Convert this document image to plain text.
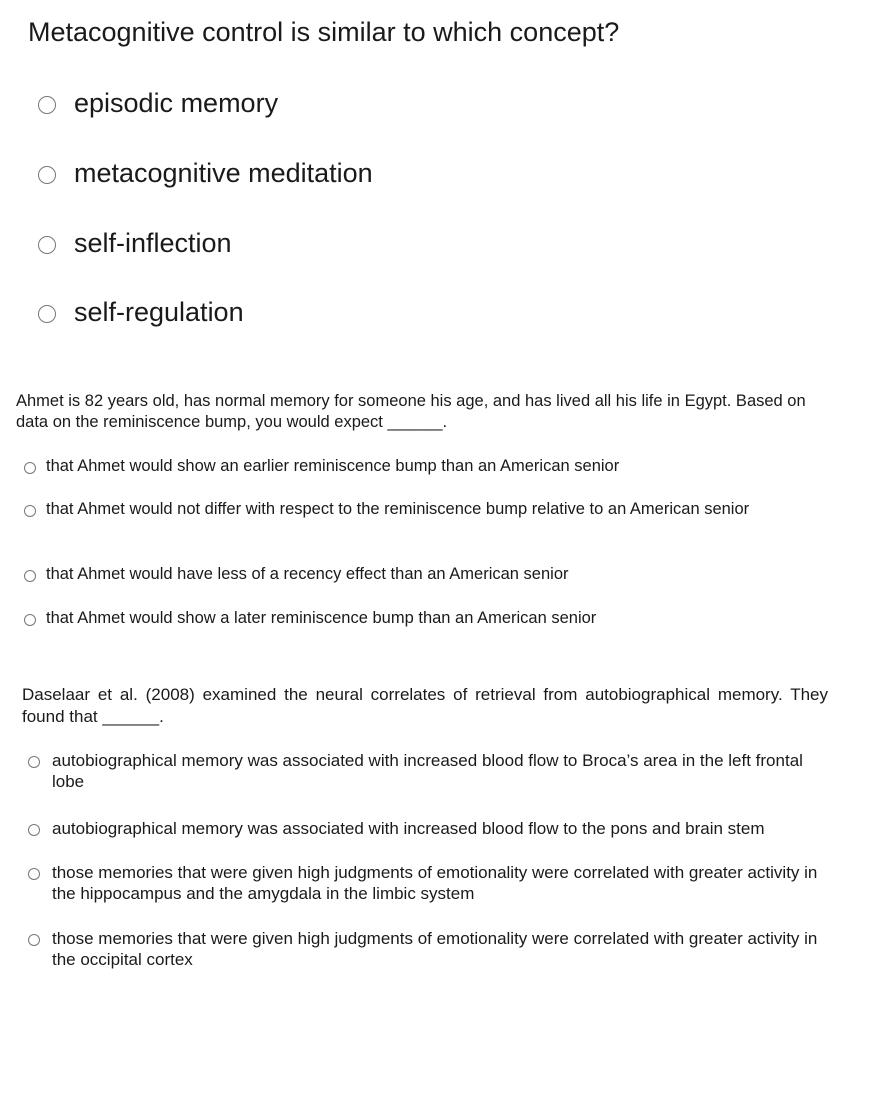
Metacognitive control is similar to which concept?
episodic memory
metacognitive meditation
self-inflection
self-regulation
Ahmet is 82 years old, has normal memory for someone his age, and has lived all his life in Egypt. Based on data on the reminiscence bump, you would expect ______.
that Ahmet would show an earlier reminiscence bump than an American senior
that Ahmet would not differ with respect to the reminiscence bump relative to an American senior
that Ahmet would have less of a recency effect than an American senior
that Ahmet would show a later reminiscence bump than an American senior
Daselaar et al. (2008) examined the neural correlates of retrieval from autobiographical memory. They found that ______.
autobiographical memory was associated with increased blood flow to Broca’s area in the left frontal lobe
autobiographical memory was associated with increased blood flow to the pons and brain stem
those memories that were given high judgments of emotionality were correlated with greater activity in the hippocampus and the amygdala in the limbic system
those memories that were given high judgments of emotionality were correlated with greater activity in the occipital cortex
